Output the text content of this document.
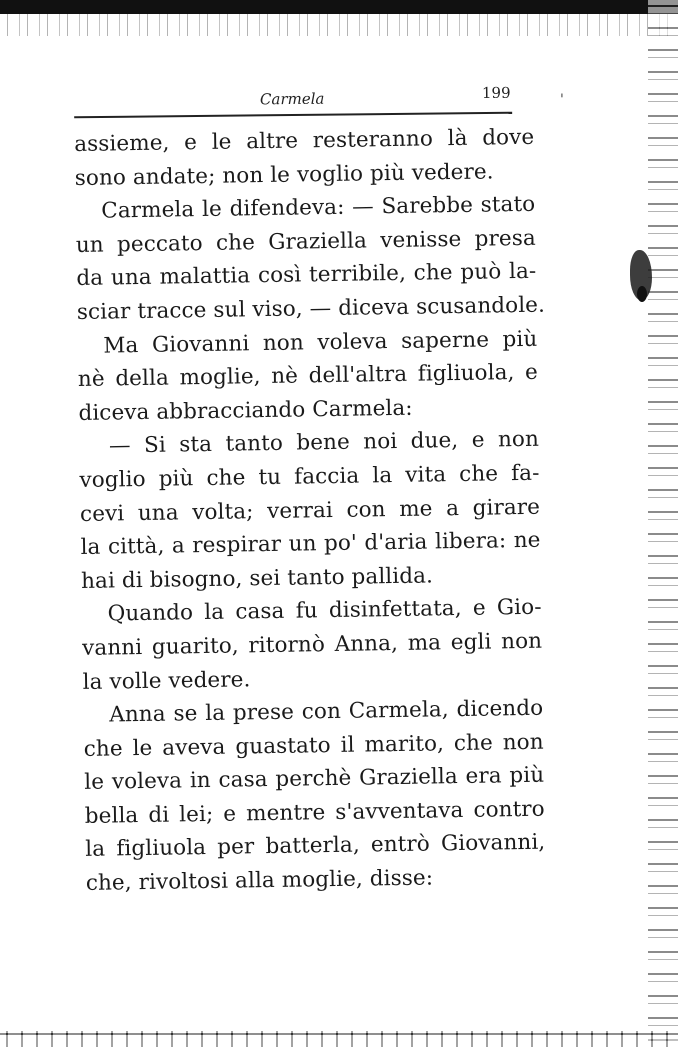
Carmela	199	'
assieme, e le altre resteranno là dove
sono andate; non le voglio più vedere.
Carmela le difendeva: — Sarebbe stato
un peccato che Graziella venisse presa
da una malattia così terribile, che può la-
sciar tracce sul viso, — diceva scusandole.
Ma Giovanni non voleva saperne più
nè della moglie, nè dell'altra figliuola, e
diceva abbracciando Carmela:
— Si sta tanto bene noi due, e non
voglio più che tu faccia la vita che fa-
cevi una volta; verrai con me a girare
la città, a respirar un po' d'aria libera: ne
hai di bisogno, sei tanto pallida.
Quando la casa fu disinfettata, e Gio-
vanni guarito, ritornò Anna, ma egli non
la volle vedere.
Anna se la prese con Carmela, dicendo
che le aveva guastato il marito, che non
le voleva in casa perchè Graziella era più
bella di lei; e mentre s'avventava contro
la figliuola per batterla, entrò Giovanni,
che, rivoltosi alla moglie, disse:
